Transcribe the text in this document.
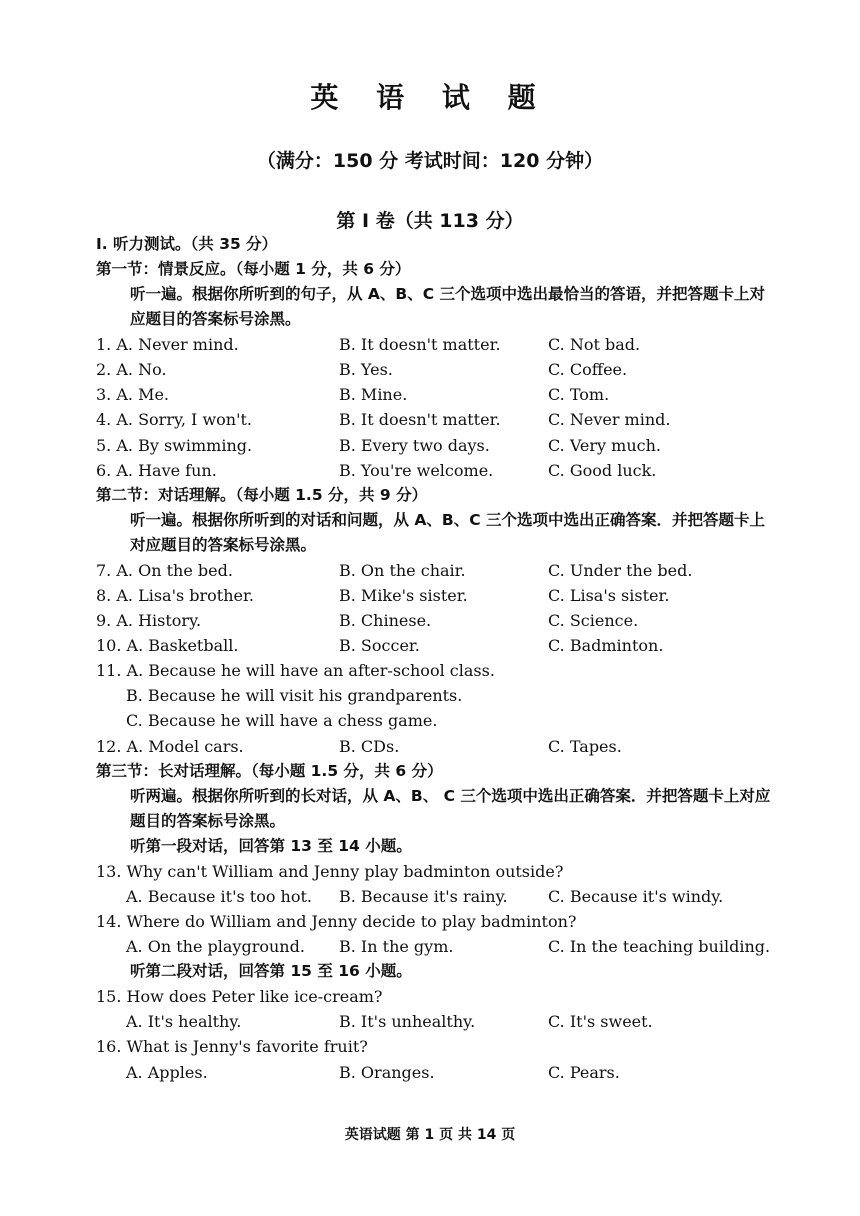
英 语 试 题
（满分：150 分 考试时间：120 分钟）
第 I 卷（共 113 分）
I. 听力测试。（共 35 分）
第一节：情景反应。（每小题 1 分，共 6 分）
听一遍。根据你所听到的句子，从 A、B、C 三个选项中选出最恰当的答语，并把答题卡上对应题目的答案标号涂黑。
1. A. Never mind.	B. It doesn't matter.	C. Not bad.
2. A. No.	B. Yes.	C. Coffee.
3. A. Me.	B. Mine.	C. Tom.
4. A. Sorry, I won't.	B. It doesn't matter.	C. Never mind.
5. A. By swimming.	B. Every two days.	C. Very much.
6. A. Have fun.	B. You're welcome.	C. Good luck.
第二节：对话理解。（每小题 1.5 分，共 9 分）
听一遍。根据你所听到的对话和问题，从 A、B、C 三个选项中选出正确答案．并把答题卡上对应题目的答案标号涂黑。
7. A. On the bed.	B. On the chair.	C. Under the bed.
8. A. Lisa's brother.	B. Mike's sister.	C. Lisa's sister.
9. A. History.	B. Chinese.	C. Science.
10. A. Basketball.	B. Soccer.	C. Badminton.
11. A. Because he will have an after-school class.
B. Because he will visit his grandparents.
C. Because he will have a chess game.
12. A. Model cars.	B. CDs.	C. Tapes.
第三节：长对话理解。（每小题 1.5 分，共 6 分）
听两遍。根据你所听到的长对话，从 A、B、 C 三个选项中选出正确答案．并把答题卡上对应题目的答案标号涂黑。
听第一段对话，回答第 13 至 14 小题。
13. Why can't William and Jenny play badminton outside?
A. Because it's too hot. B. Because it's rainy.	C. Because it's windy.
14. Where do William and Jenny decide to play badminton?
A. On the playground. B. In the gym.	C. In the teaching building.
听第二段对话，回答第 15 至 16 小题。
15. How does Peter like ice-cream?
A. It's healthy.	B. It's unhealthy.	C. It's sweet.
16. What is Jenny's favorite fruit?
A. Apples.	B. Oranges.	C. Pears.
英语试题 第 1 页 共 14 页
